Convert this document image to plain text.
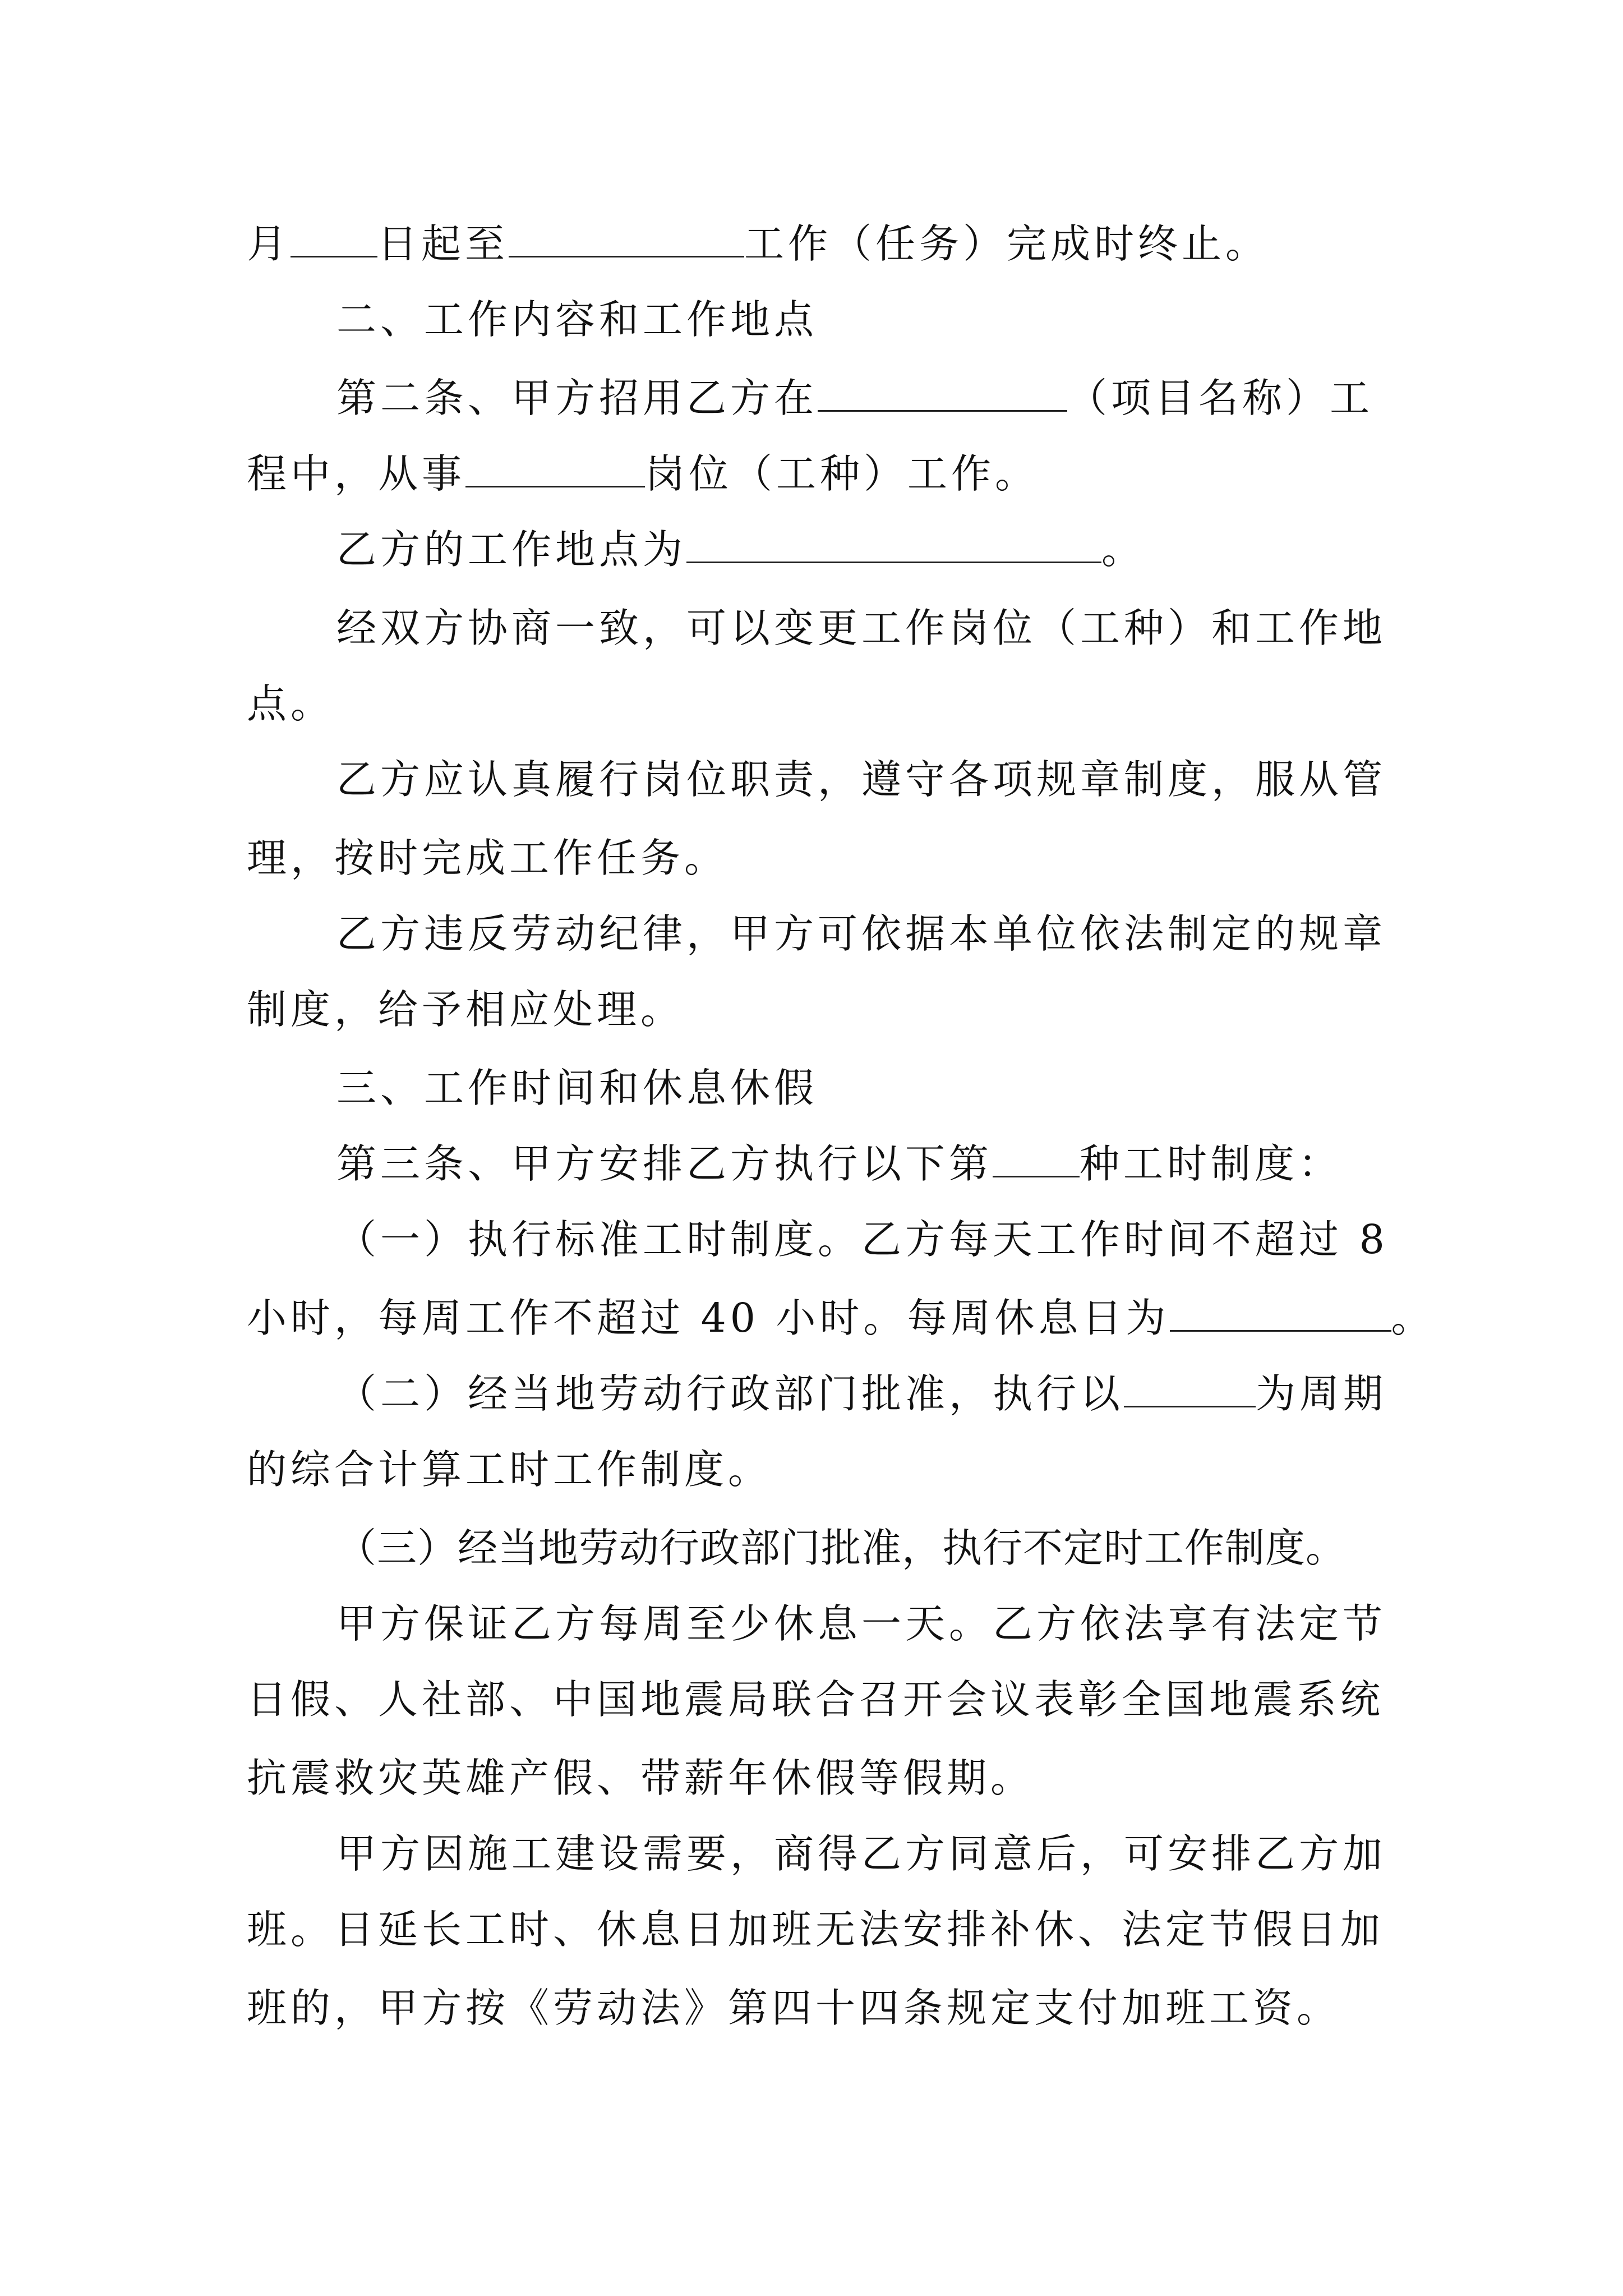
月 日起至	工作（任务）完成时终止。
二、工作内容和工作地点
第二条、甲方招用乙方在	（项目名称）工
程中，从事	岗位（工种）工作。
乙方的工作地点为	。
经双方协商一致，可以变更工作岗位（工种）和工作地
点。
乙方应认真履行岗位职责，遵守各项规章制度，服从管
理，按时完成工作任务。
乙方违反劳动纪律，甲方可依据本单位依法制定的规章
制度，给予相应处理。
三、工作时间和休息休假
第三条、甲方安排乙方执行以下第 种工时制度：
（一）执行标准工时制度。乙方每天工作时间不超过 8
小时，每周工作不超过 40 小时。每周休息日为	。
（二）经当地劳动行政部门批准，执行以	为周期
的综合计算工时工作制度。
（三）经当地劳动行政部门批准，执行不定时工作制度。
甲方保证乙方每周至少休息一天。乙方依法享有法定节
日假、人社部、中国地震局联合召开会议表彰全国地震系统
抗震救灾英雄产假、带薪年休假等假期。
甲方因施工建设需要，商得乙方同意后，可安排乙方加
班。日延长工时、休息日加班无法安排补休、法定节假日加
班的，甲方按《劳动法》第四十四条规定支付加班工资。
